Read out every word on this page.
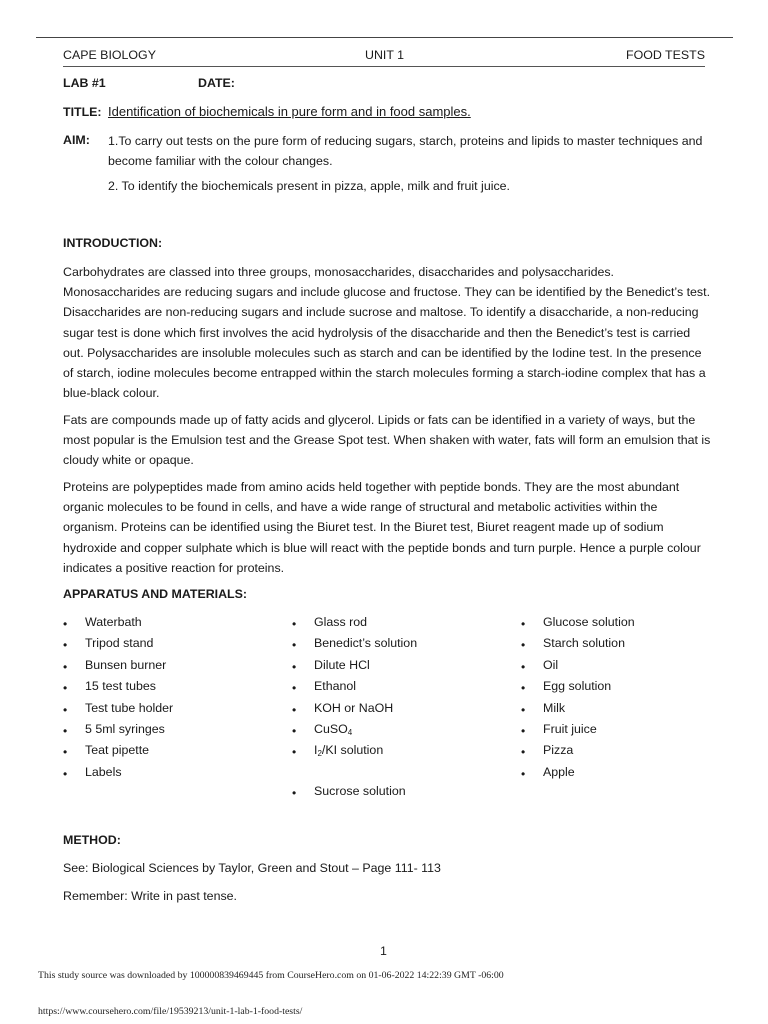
CAPE BIOLOGY	UNIT 1	FOOD TESTS
LAB #1	DATE:
TITLE: Identification of biochemicals in pure form and in food samples.
AIM: 1.To carry out tests on the pure form of reducing sugars, starch, proteins and lipids to master techniques and become familiar with the colour changes.
2. To identify the biochemicals present in pizza, apple, milk and fruit juice.
INTRODUCTION:
Carbohydrates are classed into three groups, monosaccharides, disaccharides and polysaccharides. Monosaccharides are reducing sugars and include glucose and fructose. They can be identified by the Benedict’s test. Disaccharides are non-reducing sugars and include sucrose and maltose. To identify a disaccharide, a non-reducing sugar test is done which first involves the acid hydrolysis of the disaccharide and then the Benedict’s test is carried out. Polysaccharides are insoluble molecules such as starch and can be identified by the Iodine test. In the presence of starch, iodine molecules become entrapped within the starch molecules forming a starch-iodine complex that has a blue-black colour.
Fats are compounds made up of fatty acids and glycerol. Lipids or fats can be identified in a variety of ways, but the most popular is the Emulsion test and the Grease Spot test. When shaken with water, fats will form an emulsion that is cloudy white or opaque.
Proteins are polypeptides made from amino acids held together with peptide bonds. They are the most abundant organic molecules to be found in cells, and have a wide range of structural and metabolic activities within the organism. Proteins can be identified using the Biuret test. In the Biuret test, Biuret reagent made up of sodium hydroxide and copper sulphate which is blue will react with the peptide bonds and turn purple. Hence a purple colour indicates a positive reaction for proteins.
APPARATUS AND MATERIALS:
• Waterbath
• Tripod stand
• Bunsen burner
• 15 test tubes
• Test tube holder
• 5 5ml syringes
• Teat pipette
• Labels
• Glass rod
• Benedict’s solution
• Dilute HCl
• Ethanol
• KOH or NaOH
• CuSO$_4$
• $I_2/KI$ solution
• Sucrose solution
• Glucose solution
• Starch solution
• Oil
• Egg solution
• Milk
• Fruit juice
• Pizza
• Apple
METHOD:
See: Biological Sciences by Taylor, Green and Stout – Page 111- 113
Remember: Write in past tense.
1
This study source was downloaded by 100000839469445 from CourseHero.com on 01-06-2022 14:22:39 GMT -06:00
https://www.coursehero.com/file/19539213/unit-1-lab-1-food-tests/
